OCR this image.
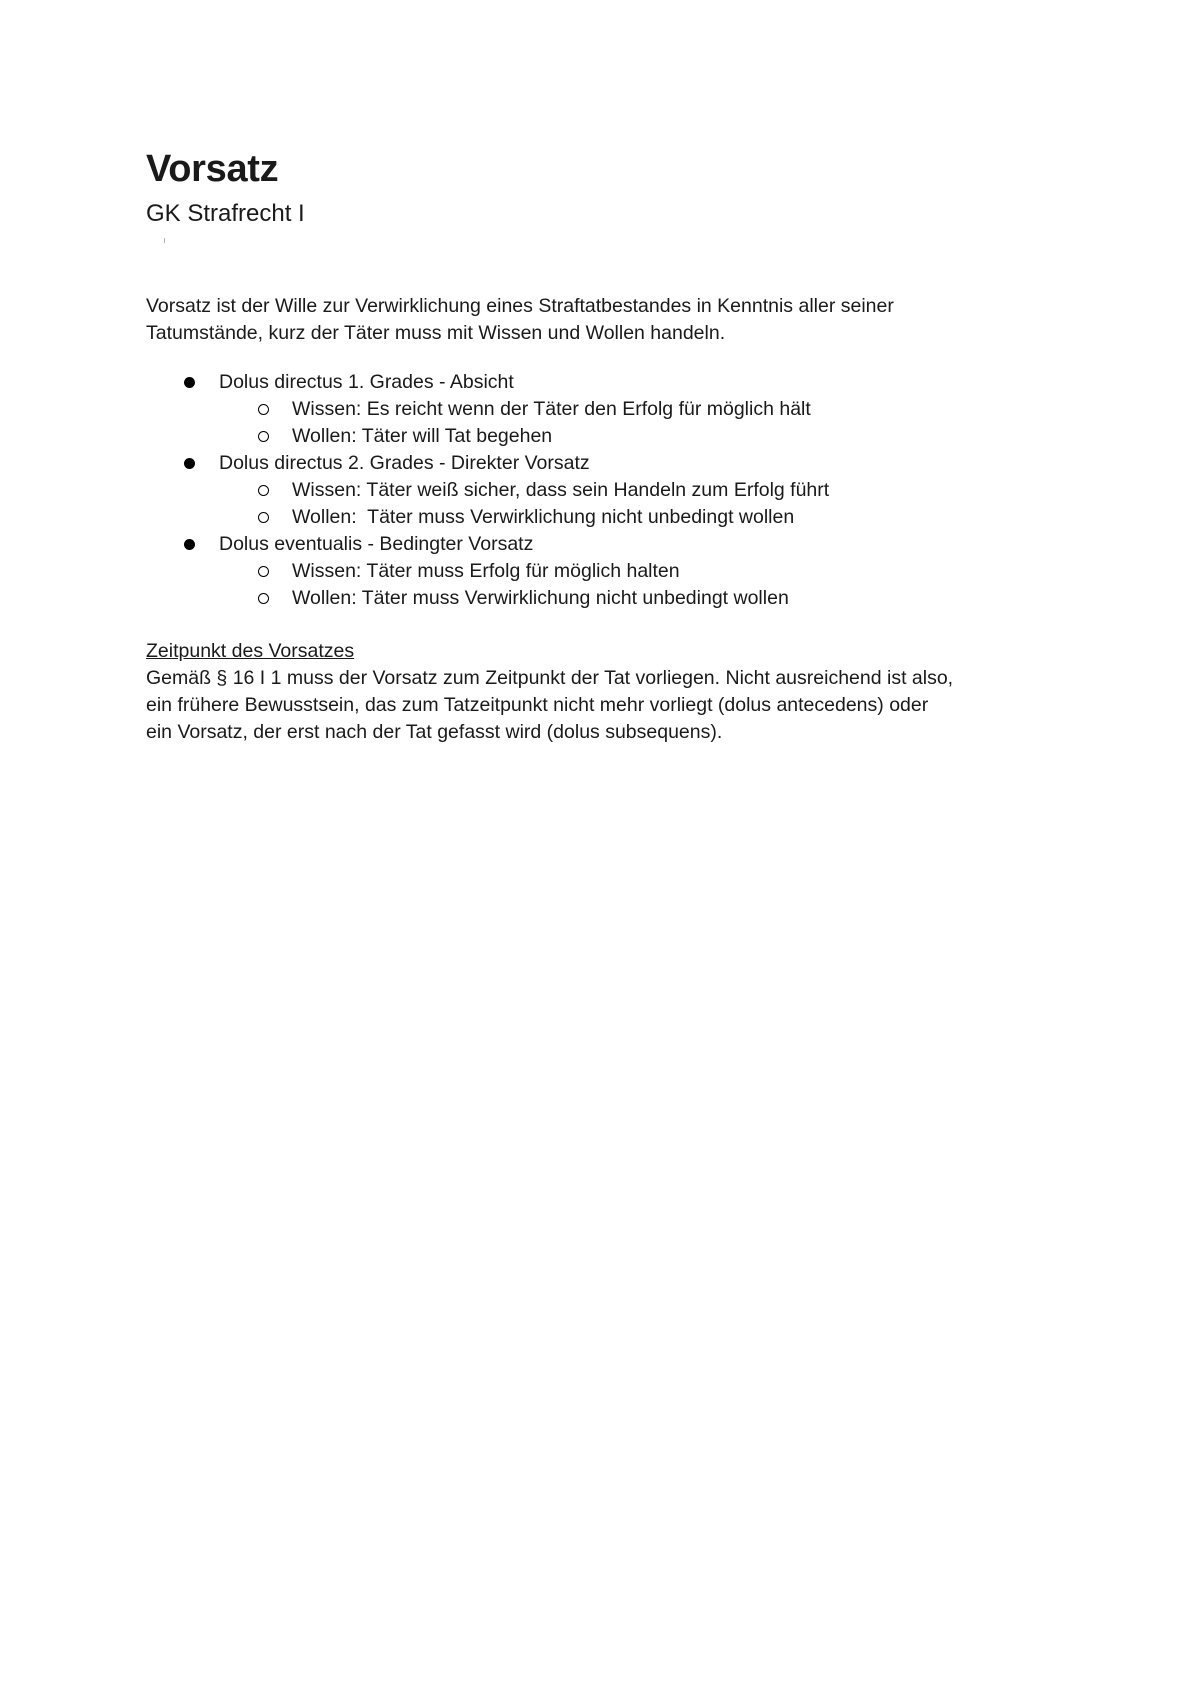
Vorsatz
GK Strafrecht I

Vorsatz ist der Wille zur Verwirklichung eines Straftatbestandes in Kenntnis aller seiner

Tatumstände, kurz der Täter muss mit Wissen und Wollen handeln.

Dolus directus 1. Grades - Absicht
Wissen: Es reicht wenn der Täter den Erfolg für möglich hält
Wollen: Täter will Tat begehen
Dolus directus 2. Grades - Direkter Vorsatz
Wissen: Täter weiß sicher, dass sein Handeln zum Erfolg führt
Wollen:  Täter muss Verwirklichung nicht unbedingt wollen
Dolus eventualis - Bedingter Vorsatz
Wissen: Täter muss Erfolg für möglich halten
Wollen: Täter muss Verwirklichung nicht unbedingt wollen
Zeitpunkt des Vorsatzes

Gemäß § 16 I 1 muss der Vorsatz zum Zeitpunkt der Tat vorliegen. Nicht ausreichend ist also,

ein frühere Bewusstsein, das zum Tatzeitpunkt nicht mehr vorliegt (dolus antecedens) oder

ein Vorsatz, der erst nach der Tat gefasst wird (dolus subsequens).
